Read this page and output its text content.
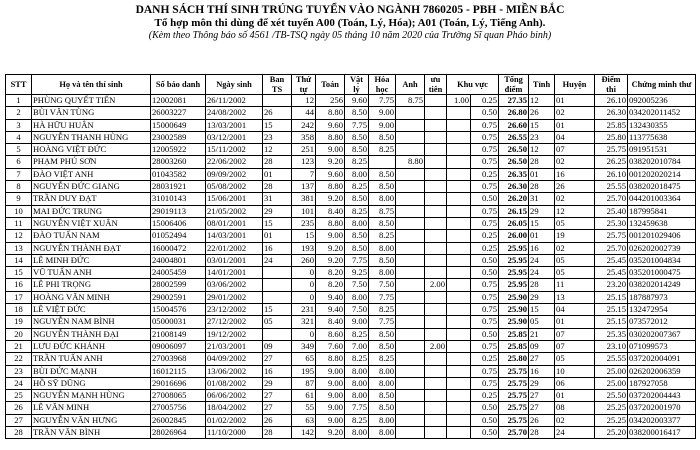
DANH SÁCH THÍ SINH TRÚNG TUYỂN VÀO NGÀNH 7860205 - PBH - MIỀN BẮC
Tổ hợp môn thi dùng để xét tuyển A00 (Toán, Lý, Hóa); A01 (Toán, Lý, Tiếng Anh).
(Kèm theo Thông báo số 4561 /TB-TSQ ngày 05 tháng 10 năm 2020 của Trường Sĩ quan Pháo binh)
STT	Họ và tên thí sinh	Số báo danh	Ngày sinh	Ban TS	Thứ tự	Toán	Vật lý	Hóa học	Anh	ưu tiên	Khu vực		Tổng điểm	Tỉnh	Huyện	Điểm thi	Chứng minh thư
1	PHÙNG QUYẾT TIẾN	12002081	26/11/2002		12	256	9.60	7.75	8.75		1.00	0.25	27.35	12	01	26.10	092005236
2	BÙI VĂN TÙNG	26003227	24/08/2002	26	44	8.80	8.50	9.00				0.50	26.80	26	02	26.30	034202011452
3	HÀ HỮU HUÂN	15000649	13/03/2001	15	242	9.60	7.75	9.00				0.75	26.60	15	01	25.85	132430355
4	NGUYỄN THANH HÙNG	23002589	03/12/2001	23	358	8.80	8.50	8.50				0.75	26.55	23	04	25.80	113775638
5	HOÀNG VIỆT ĐỨC	12005922	15/11/2002	12	251	9.00	8.50	8.25				0.75	26.50	12	07	25.75	091951531
6	PHẠM PHÚ SƠN	28003260	22/06/2002	28	123	9.20	8.25		8.80			0.75	26.50	28	02	26.25	038202010784
7	ĐÀO VIỆT ANH	01043582	09/09/2002	01	7	9.60	8.00	8.50				0.25	26.35	01	16	26.10	001202020214
8	NGUYỄN ĐỨC GIANG	28031921	05/08/2002	28	137	8.80	8.25	8.50				0.75	26.30	28	26	25.55	038202018475
9	TRẦN DUY ĐẠT	31010143	15/06/2001	31	381	9.20	8.50	8.00				0.50	26.20	31	02	25.70	044201003364
10	MAI ĐỨC TRUNG	29019113	21/05/2002	29	101	8.40	8.25	8.75				0.75	26.15	29	12	25.40	187995841
11	NGUYỄN VIỆT XUÂN	15006406	08/01/2001	15	235	8.80	8.00	8.50				0.75	26.05	15	05	25.30	132459638
12	ĐÀO TUẤN NAM	01052494	14/03/2001	01	15	9.00	8.50	8.25				0.25	26.00	01	19	25.75	001201029406
13	NGUYỄN THÀNH ĐẠT	16000472	22/01/2002	16	193	9.20	8.50	8.00				0.25	25.95	16	02	25.70	026202002739
14	LÊ MINH ĐỨC	24004801	03/01/2001	24	260	9.20	7.75	8.50				0.50	25.95	24	05	25.45	035201004834
15	VŨ TUẤN ANH	24005459	14/01/2001		0	8.20	9.25	8.00				0.50	25.95	24	05	25.45	035201000475
16	LÊ PHI TRỌNG	28002599	03/06/2002		0	8.20	7.50	7.50		2.00		0.75	25.95	28	11	23.20	038202014249
17	HOÀNG VĂN MINH	29002591	29/01/2002		0	9.40	8.00	7.75				0.75	25.90	29	13	25.15	187887973
18	LÊ VIỆT ĐỨC	15004576	23/12/2002	15	231	9.40	7.50	8.25				0.75	25.90	15	04	25.15	132472954
19	NGUYỄN NAM BÌNH	05000031	27/12/2002	05	321	8.40	9.00	7.75				0.75	25.90	05	01	25.15	073572012
20	NGUYỄN THÀNH ĐẠI	21008149	19/12/2002		0	8.60	8.25	8.50				0.50	25.85	21	07	25.35	030202007367
21	LƯU ĐỨC KHÁNH	09006097	21/03/2001	09	349	7.60	7.00	8.50		2.00		0.75	25.85	09	07	23.10	071099573
22	TRẦN TUẤN ANH	27003968	04/09/2002	27	65	8.80	8.25	8.25				0.25	25.80	27	05	25.55	037202004091
23	BÙI ĐỨC MẠNH	16012115	13/06/2002	16	195	9.00	8.00	8.00				0.75	25.75	16	10	25.00	026202006359
24	HỒ SỸ DŨNG	29016696	01/08/2002	29	87	9.00	8.00	8.00				0.75	25.75	29	06	25.00	187927058
25	NGUYỄN MẠNH HÙNG	27008065	06/06/2002	27	61	9.00	8.00	8.50				0.25	25.75	27	01	25.50	037202004443
26	LÊ VĂN MINH	27005756	18/04/2002	27	55	9.00	7.75	8.50				0.50	25.75	27	08	25.25	037202001970
27	NGUYỄN VĂN HƯNG	26002845	01/02/2002	26	63	9.00	8.25	8.00				0.50	25.75	26	02	25.25	034202003377
28	TRẦN VĂN BÌNH	28026964	11/10/2000	28	142	9.20	8.00	8.00				0.50	25.70	28	24	25.20	038200016417
